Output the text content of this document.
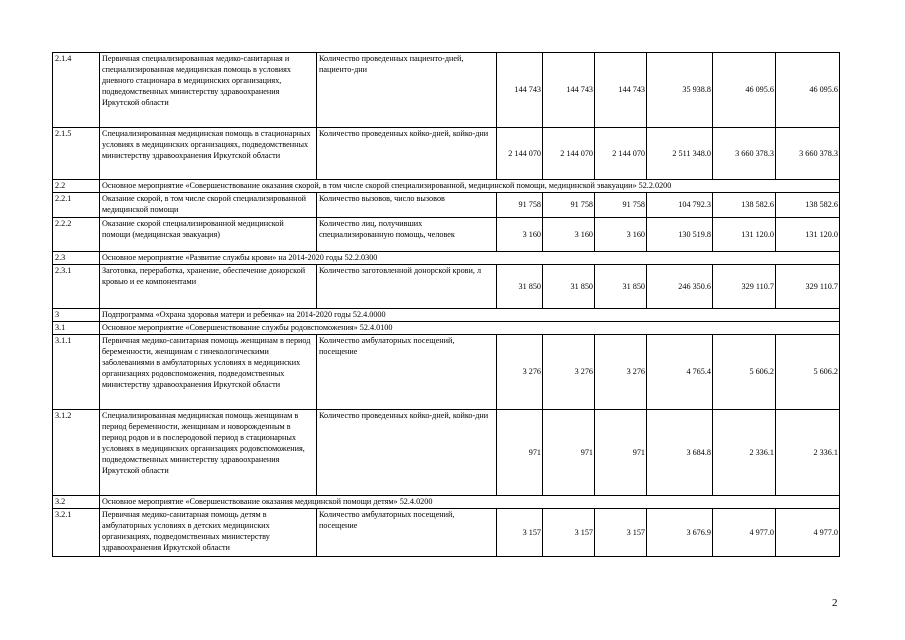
2.1.4	Первичная специализированная медико-санитарная и специализированная медицинская помощь в условиях дневного стационара в медицинских организациях, подведомственных министерству здравоохранения Иркутской области	Количество проведенных пациенто-дней, пациенто-дни	144 743	144 743	144 743	35 938.8	46 095.6	46 095.6
2.1.5	Специализированная медицинская помощь в стационарных условиях в медицинских организациях, подведомственных министерству здравоохранения Иркутской области	Количество проведенных койко-дней, койко-дни	2 144 070	2 144 070	2 144 070	2 511 348.0	3 660 378.3	3 660 378.3
2.2	Основное мероприятие «Совершенствование оказания скорой, в том числе скорой специализированной, медицинской помощи, медицинской эвакуации» 52.2.0200							
2.2.1	Оказание скорой, в том числе скорой специализированной медицинской помощи	Количество вызовов, число вызовов	91 758	91 758	91 758	104 792.3	138 582.6	138 582.6
2.2.2	Оказание скорой специализированной медицинской помощи (медицинская эвакуация)	Количество лиц, получивших специализированную помощь, человек	3 160	3 160	3 160	130 519.8	131 120.0	131 120.0
2.3	Основное мероприятие «Развитие службы крови» на 2014-2020 годы 52.2.0300							
2.3.1	Заготовка, переработка, хранение, обеспечение донорской кровью и ее компонентами	Количество заготовленной донорской крови, л	31 850	31 850	31 850	246 350.6	329 110.7	329 110.7
3	Подпрограмма «Охрана здоровья матери и ребенка» на 2014-2020 годы 52.4.0000							
3.1	Основное мероприятие «Совершенствование службы родовспоможения» 52.4.0100							
3.1.1	Первичная медико-санитарная помощь женщинам в период беременности, женщинам с гинекологическими заболеваниями в амбулаторных условиях в медицинских организациях родовспоможения, подведомственных министерству здравоохранения Иркутской области	Количество амбулаторных посещений, посещение	3 276	3 276	3 276	4 765.4	5 606.2	5 606.2
3.1.2	Специализированная медицинская помощь женщинам в период беременности, женщинам и новорожденным в период родов и в послеродовой период в стационарных условиях в медицинских организациях родовспоможения, подведомственных министерству здравоохранения Иркутской области	Количество проведенных койко-дней, койко-дни	971	971	971	3 684.8	2 336.1	2 336.1
3.2	Основное мероприятие «Совершенствование оказания медицинской помощи детям» 52.4.0200							
3.2.1	Первичная медико-санитарная помощь детям в амбулаторных условиях в детских медицинских организациях, подведомственных министерству здравоохранения Иркутской области	Количество амбулаторных посещений, посещение	3 157	3 157	3 157	3 676.9	4 977.0	4 977.0
2
